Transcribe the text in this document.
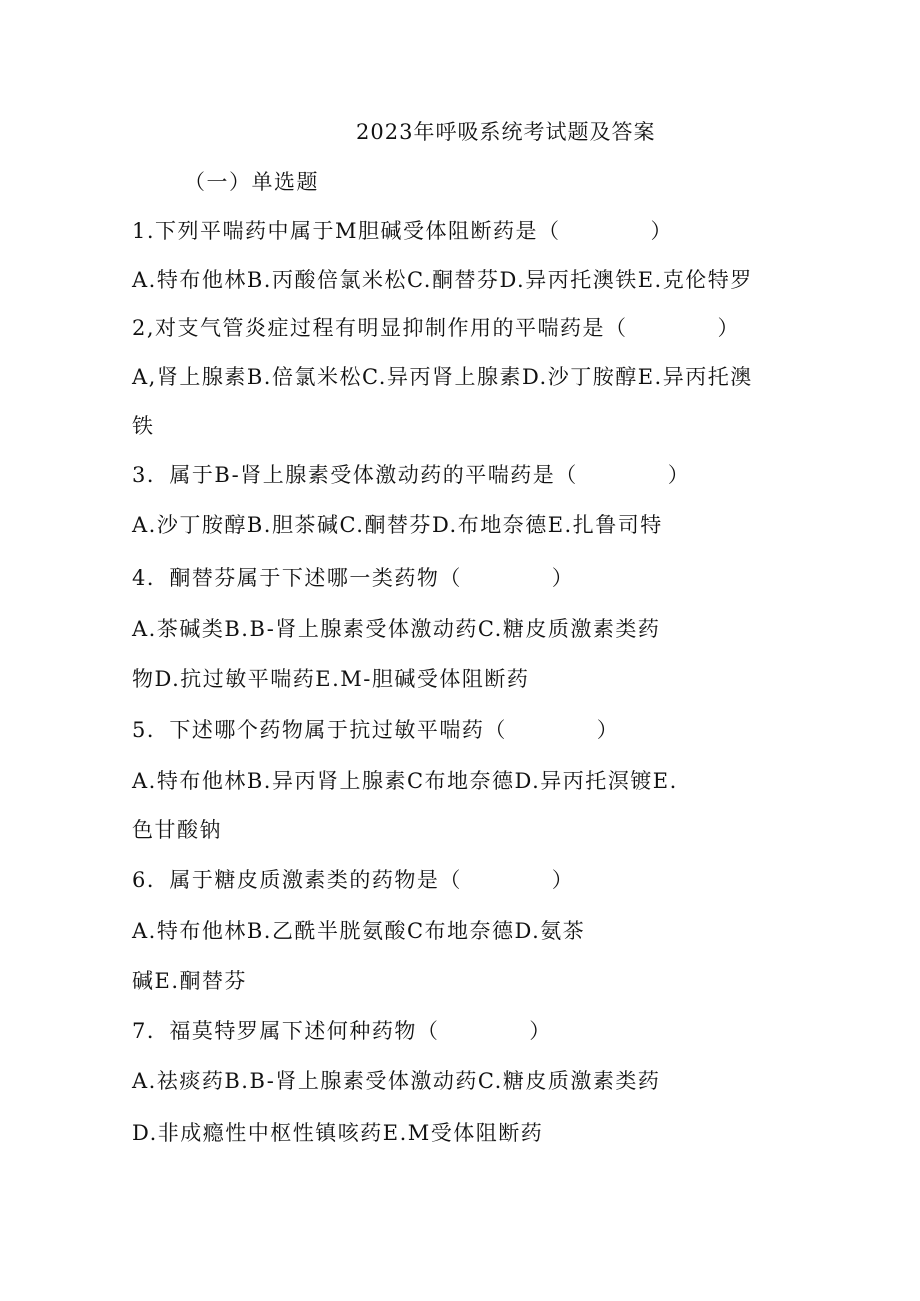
2023年呼吸系统考试题及答案
（一）单选题
1.下列平喘药中属于M胆碱受体阻断药是（           ）
A.特布他林B.丙酸倍氯米松C.酮替芬D.异丙托澳铁E.克伦特罗
2,对支气管炎症过程有明显抑制作用的平喘药是（           ）
A,肾上腺素B.倍氯米松C.异丙肾上腺素D.沙丁胺醇E.异丙托澳
铁
3．属于B-肾上腺素受体激动药的平喘药是（           ）
A.沙丁胺醇B.胆茶碱C.酮替芬D.布地奈德E.扎鲁司特
4．酮替芬属于下述哪一类药物（           ）
A.茶碱类B.B-肾上腺素受体激动药C.糖皮质激素类药
物D.抗过敏平喘药E.M-胆碱受体阻断药
5．下述哪个药物属于抗过敏平喘药（           ）
A.特布他林B.异丙肾上腺素C布地奈德D.异丙托溟镀E.
色甘酸钠
6．属于糖皮质激素类的药物是（           ）
A.特布他林B.乙酰半胱氨酸C布地奈德D.氨茶
碱E.酮替芬
7．福莫特罗属下述何种药物（           ）
A.祛痰药B.B-肾上腺素受体激动药C.糖皮质激素类药
D.非成瘾性中枢性镇咳药E.M受体阻断药
